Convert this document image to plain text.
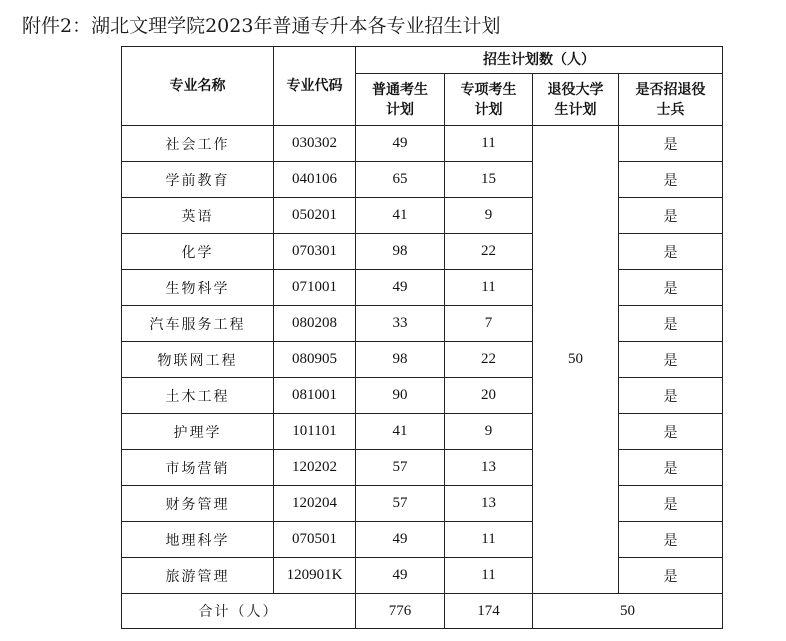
附件2：湖北文理学院2023年普通专升本各专业招生计划
专业名称	专业代码	招生计划数（人）			

		普通考生计划	专项考生计划	退役大学生计划	是否招退役士兵

社会工作	030302	49	11	50	是
学前教育	040106	65	15		是
英语	050201	41	9		是
化学	070301	98	22		是
生物科学	071001	49	11		是
汽车服务工程	080208	33	7		是
物联网工程	080905	98	22		是
土木工程	081001	90	20		是
护理学	101101	41	9		是
市场营销	120202	57	13		是
财务管理	120204	57	13		是
地理科学	070501	49	11		是
旅游管理	120901K	49	11		是
合计（人）		776	174	50	
